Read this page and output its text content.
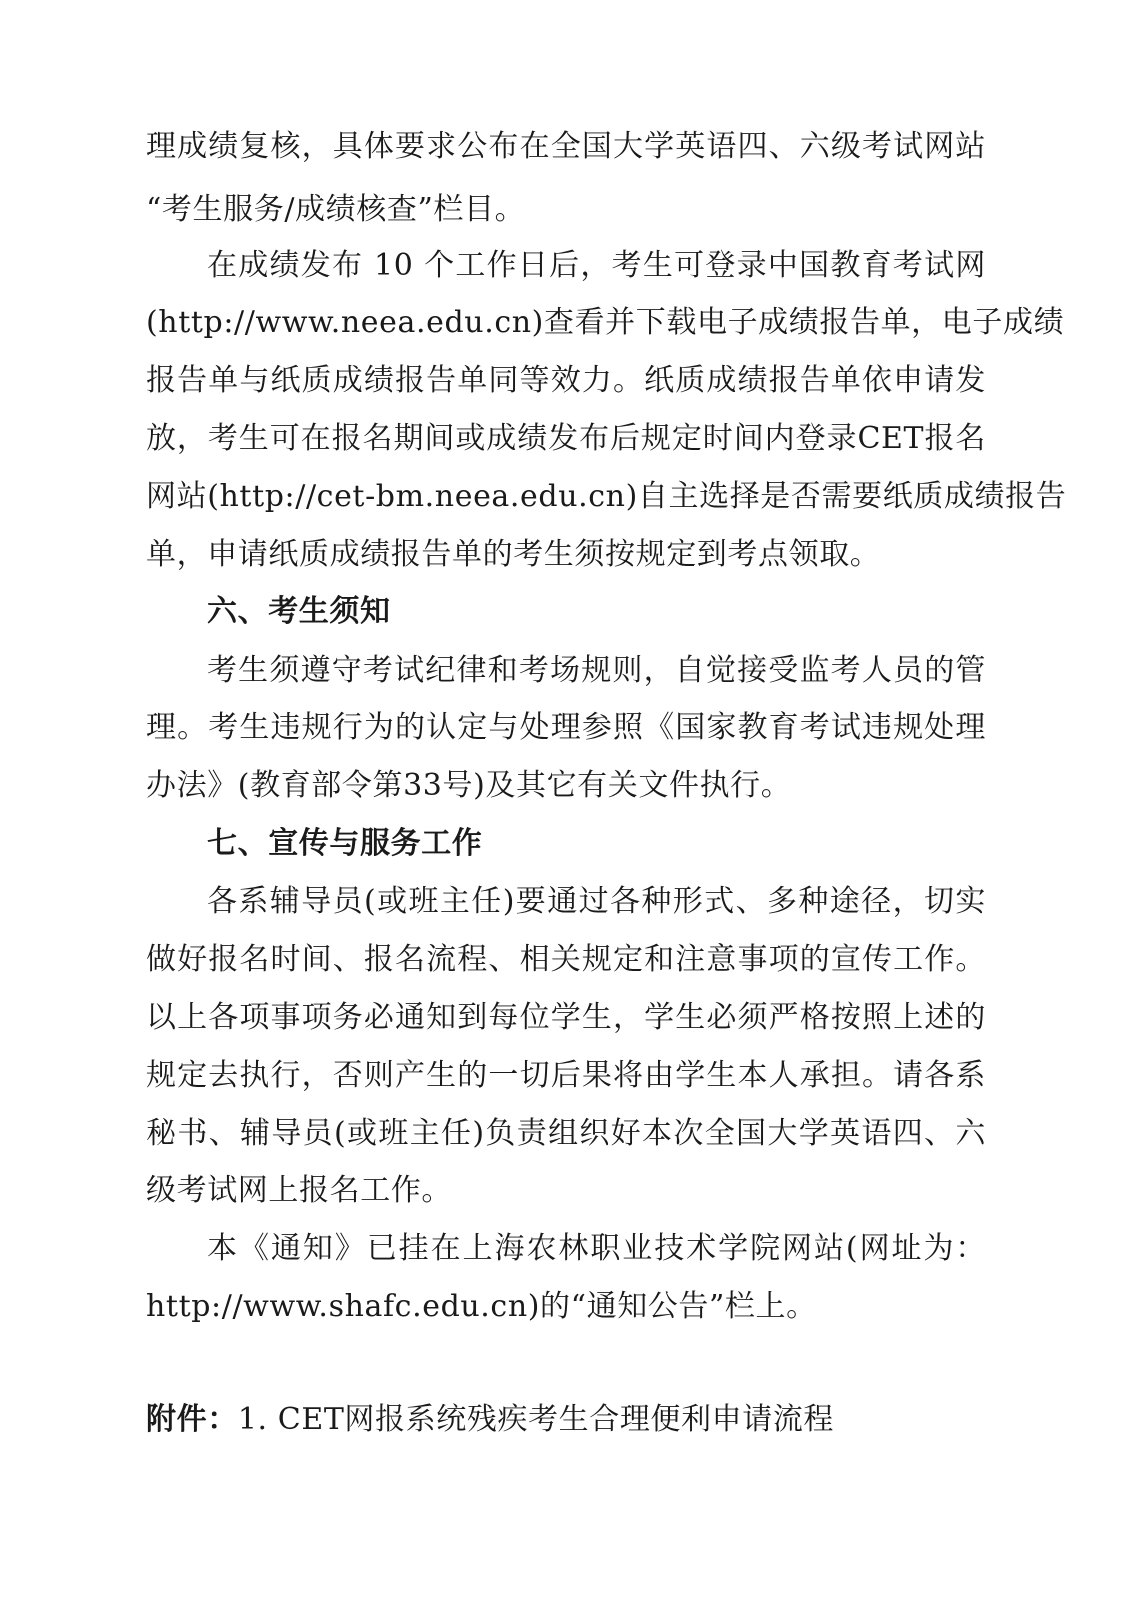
理成绩复核，具体要求公布在全国大学英语四、六级考试网站
“考生服务/成绩核查”栏目。
在成绩发布 10 个工作日后，考生可登录中国教育考试网
(http://www.neea.edu.cn)查看并下载电子成绩报告单，电子成绩
报告单与纸质成绩报告单同等效力。纸质成绩报告单依申请发
放，考生可在报名期间或成绩发布后规定时间内登录CET报名
网站(http://cet-bm.neea.edu.cn)自主选择是否需要纸质成绩报告
单，申请纸质成绩报告单的考生须按规定到考点领取。
六、考生须知
考生须遵守考试纪律和考场规则，自觉接受监考人员的管
理。考生违规行为的认定与处理参照《国家教育考试违规处理
办法》(教育部令第33号)及其它有关文件执行。
七、宣传与服务工作
各系辅导员(或班主任)要通过各种形式、多种途径，切实
做好报名时间、报名流程、相关规定和注意事项的宣传工作。
以上各项事项务必通知到每位学生，学生必须严格按照上述的
规定去执行，否则产生的一切后果将由学生本人承担。请各系
秘书、辅导员(或班主任)负责组织好本次全国大学英语四、六
级考试网上报名工作。
本《通知》已挂在上海农林职业技术学院网站(网址为：
http://www.shafc.edu.cn)的“通知公告”栏上。
附件：1. CET网报系统残疾考生合理便利申请流程
